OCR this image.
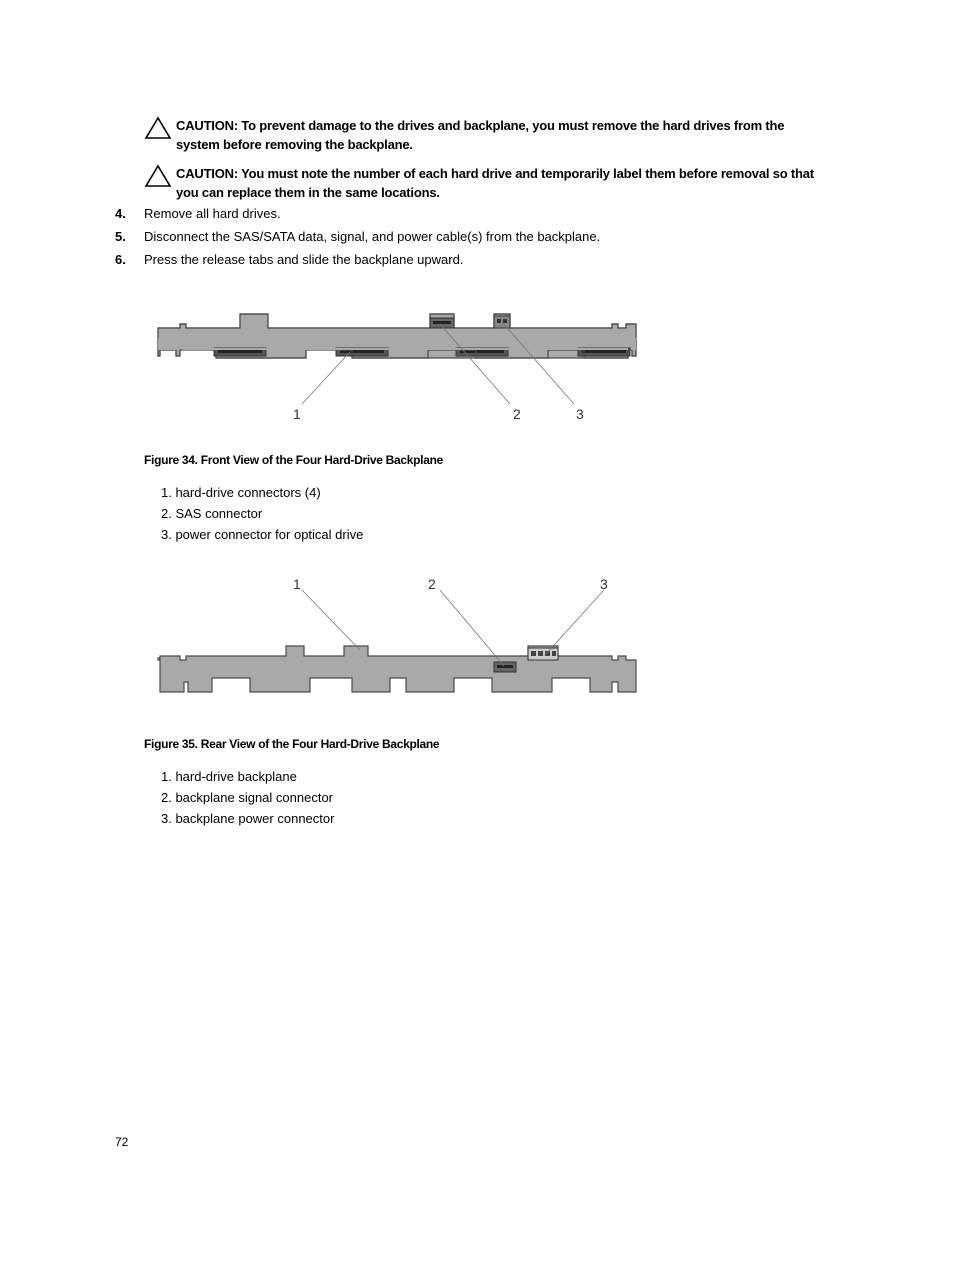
CAUTION: To prevent damage to the drives and backplane, you must remove the hard drives from the system before removing the backplane.
CAUTION: You must note the number of each hard drive and temporarily label them before removal so that you can replace them in the same locations.
4. Remove all hard drives.
5. Disconnect the SAS/SATA data, signal, and power cable(s) from the backplane.
6. Press the release tabs and slide the backplane upward.
1	2	3
Figure 34. Front View of the Four Hard-Drive Backplane
1. hard-drive connectors (4)
2. SAS connector
3. power connector for optical drive
1	2	3
Figure 35. Rear View of the Four Hard-Drive Backplane
1. hard-drive backplane
2. backplane signal connector
3. backplane power connector
72
